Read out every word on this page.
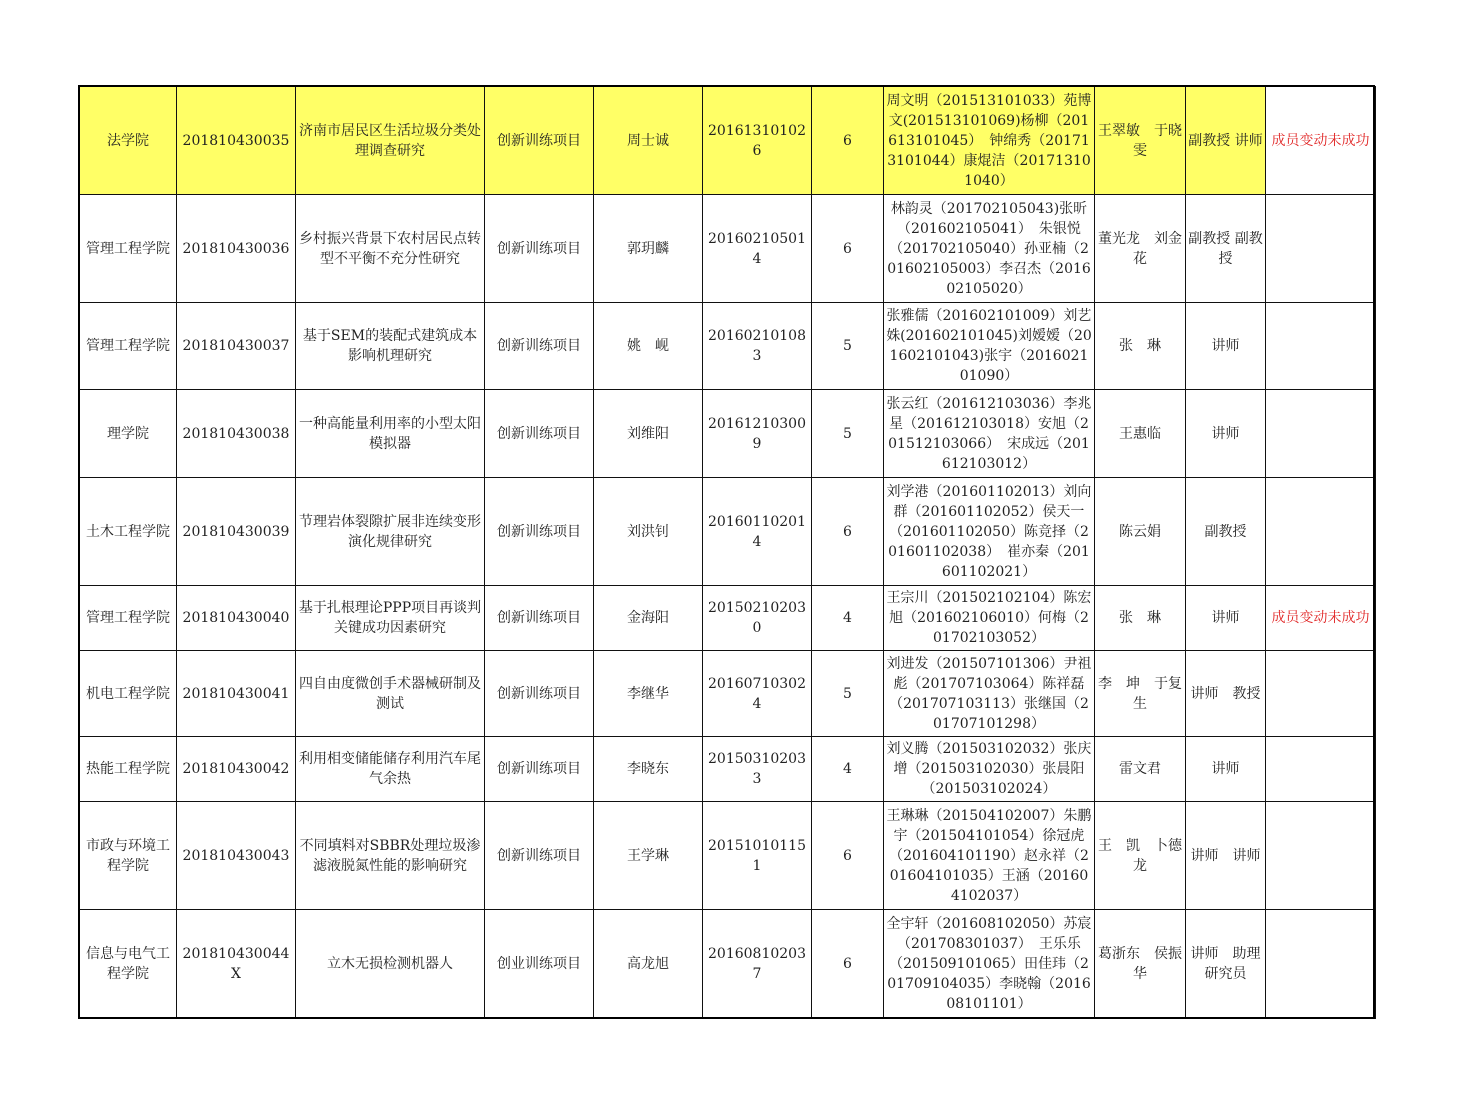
法学院	201810430035	济南市居民区生活垃圾分类处理调查研究	创新训练项目	周士诚	201613101026	6	周文明（201513101033）苑博文(201513101069)杨柳（201613101045）　钟绵秀（201713101044）康焜洁（201713101040）	王翠敏　于晓雯	副教授 讲师	成员变动未成功
管理工程学院	201810430036	乡村振兴背景下农村居民点转型不平衡不充分性研究	创新训练项目	郭玥麟	201602105014	6	林韵灵（201702105043)张昕（201602105041）　朱银悦（201702105040）孙亚楠（201602105003）李召杰（201602105020）	董光龙　刘金花	副教授 副教授	
管理工程学院	201810430037	基于SEM的装配式建筑成本影响机理研究	创新训练项目	姚　岘	201602101083	5	张雅儒（201602101009）刘艺姝(201602101045)刘嫒嫒（201602101043)张宇（201602101090）	张　琳	讲师	
理学院	201810430038	一种高能量利用率的小型太阳模拟器	创新训练项目	刘维阳	201612103009	5	张云红（201612103036）李兆星（201612103018）安旭（201512103066）　宋成远（201612103012）	王惠临	讲师	
土木工程学院	201810430039	节理岩体裂隙扩展非连续变形演化规律研究	创新训练项目	刘洪钊	201601102014	6	刘学港（201601102013）刘向群（201601102052）侯天一（201601102050）陈竞择（201601102038）　崔亦秦（201601102021）	陈云娟	副教授	
管理工程学院	201810430040	基于扎根理论PPP项目再谈判关键成功因素研究	创新训练项目	金海阳	201502102030	4	王宗川（201502102104）陈宏旭（201602106010）何梅（201702103052）	张　琳	讲师	成员变动未成功
机电工程学院	201810430041	四自由度微创手术器械研制及测试	创新训练项目	李继华	201607103024	5	刘进发（201507101306）尹祖彪（201707103064）陈祥磊（201707103113）张继国（201707101298）	李　坤　于复生	讲师　教授	
热能工程学院	201810430042	利用相变储能储存利用汽车尾气余热	创新训练项目	李晓东	201503102033	4	刘义腾（201503102032）张庆增（201503102030）张晨阳（201503102024）	雷文君	讲师	
市政与环境工程学院	201810430043	不同填料对SBBR处理垃圾渗滤液脱氮性能的影响研究	创新训练项目	王学琳	201510101151	6	王琳琳（201504102007）朱鹏宇（201504101054）徐冠虎（201604101190）赵永祥（201604101035）王涵（201604102037）	王　凯　卜德龙	讲师　讲师	
信息与电气工程学院	201810430044X	立木无损检测机器人	创业训练项目	高龙旭	201608102037	6	全宇轩（201608102050）苏宸（201708301037）　王乐乐（201509101065）田佳玮（201709104035）李晓翰（201608101101）	葛浙东　侯振华	讲师　助理研究员	
